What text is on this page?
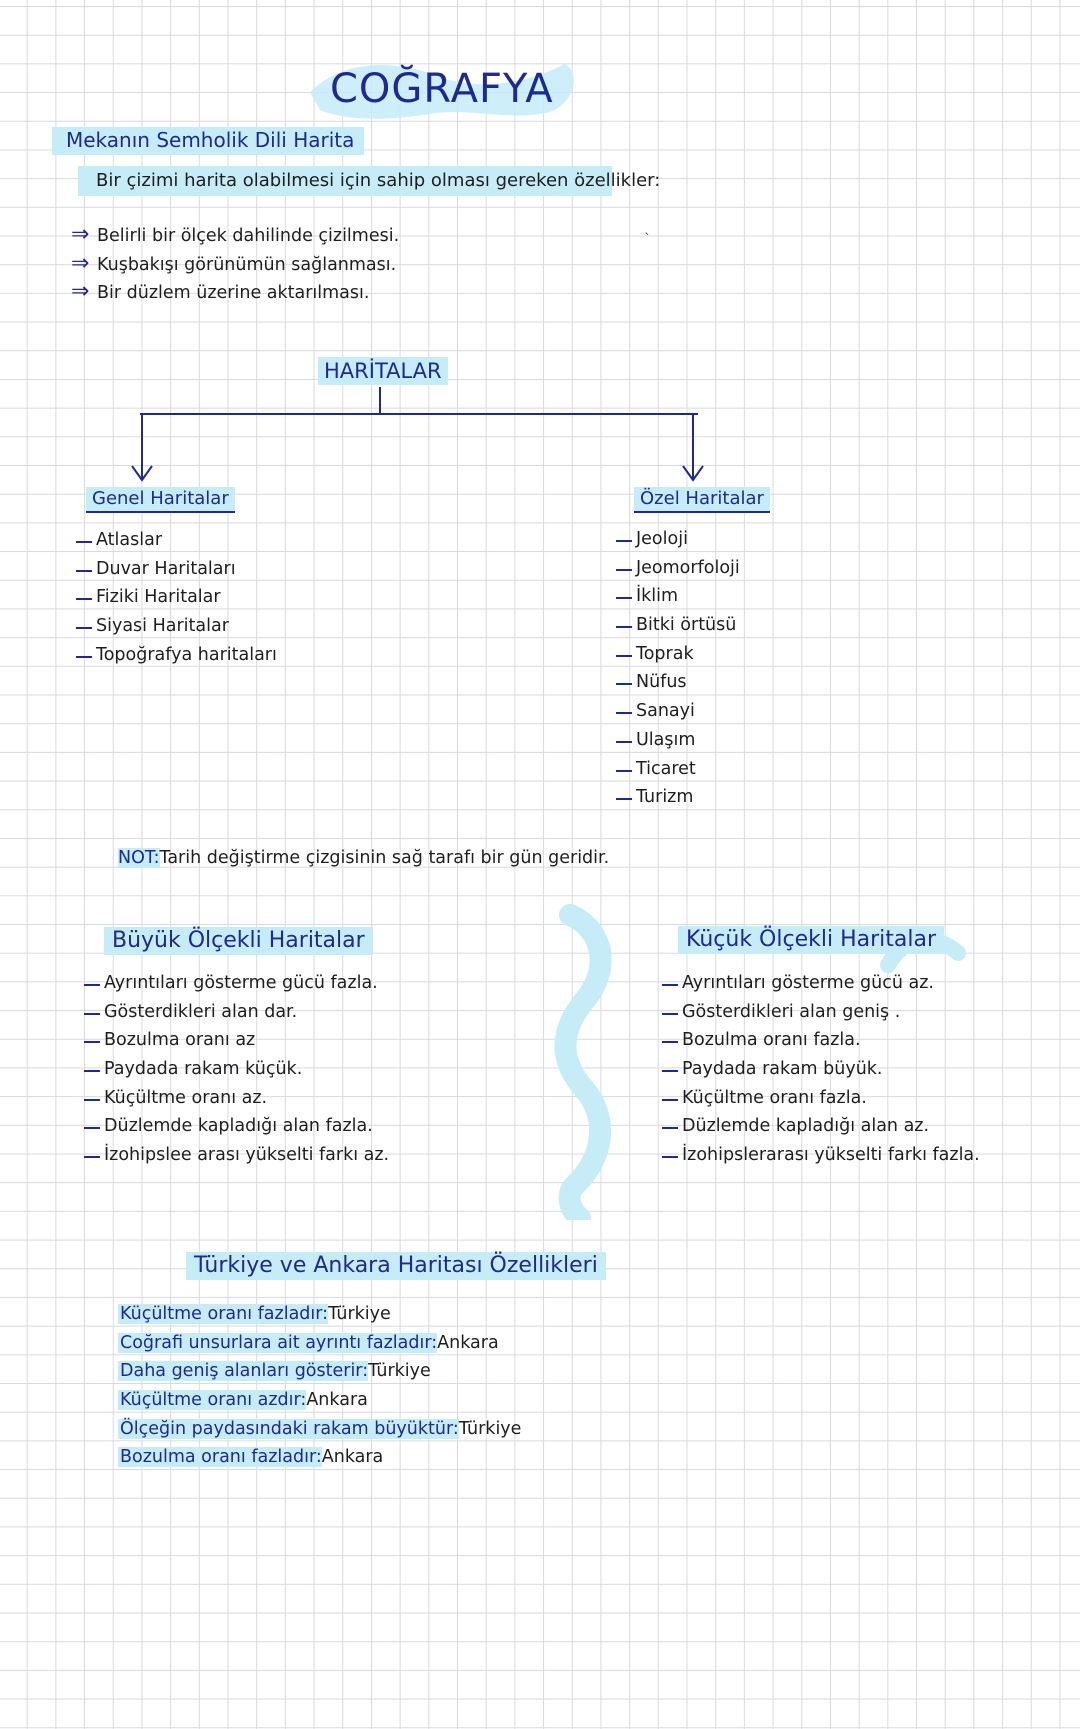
COĞRAFYA
Mekanın Semholik Dili Harita
Bir çizimi harita olabilmesi için sahip olması gereken özellikler:
⇒ Belirli bir ölçek dahilinde çizilmesi.
⇒ Kuşbakışı görünümün sağlanması.
⇒ Bir düzlem üzerine aktarılması.
`
HARİTALAR
Genel Haritalar	Özel Haritalar
Atlaslar
Duvar Haritaları
Fiziki Haritalar
Siyasi Haritalar
Topoğrafya haritaları
Jeoloji
Jeomorfoloji
İklim
Bitki örtüsü
Toprak
Nüfus
Sanayi
Ulaşım
Ticaret
Turizm
NOT:Tarih değiştirme çizgisinin sağ tarafı bir gün geridir.
Büyük Ölçekli Haritalar
Ayrıntıları gösterme gücü fazla.
Gösterdikleri alan dar.
Bozulma oranı az
Paydada rakam küçük.
Küçültme oranı az.
Düzlemde kapladığı alan fazla.
İzohipslee arası yükselti farkı az.
Küçük Ölçekli Haritalar
Ayrıntıları gösterme gücü az.
Gösterdikleri alan geniş .
Bozulma oranı fazla.
Paydada rakam büyük.
Küçültme oranı fazla.
Düzlemde kapladığı alan az.
İzohipslerarası yükselti farkı fazla.
Türkiye ve Ankara Haritası Özellikleri
Küçültme oranı fazladır:Türkiye
Coğrafi unsurlara ait ayrıntı fazladır:Ankara
Daha geniş alanları gösterir:Türkiye
Küçültme oranı azdır:Ankara
Ölçeğin paydasındaki rakam büyüktür:Türkiye
Bozulma oranı fazladır:Ankara
